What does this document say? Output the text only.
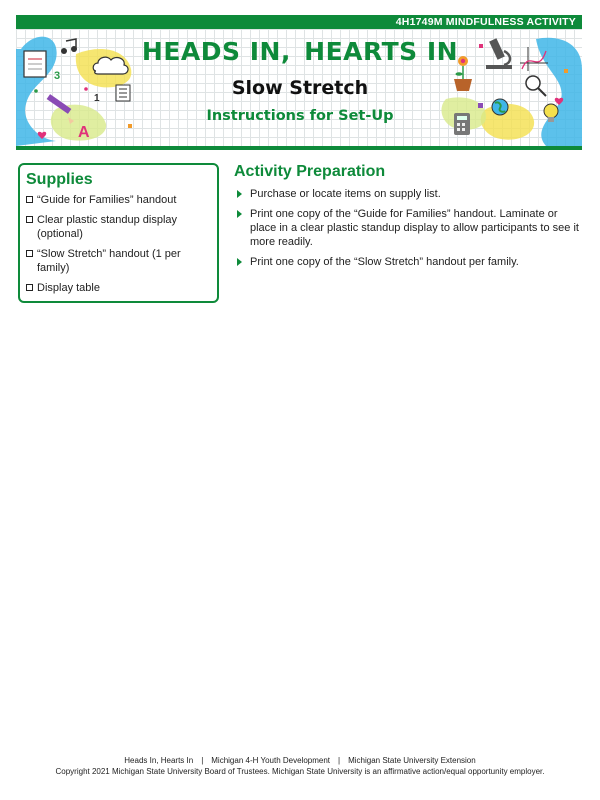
4H1749M MINDFULNESS ACTIVITY
3
1
A
HEADS IN, HEARTS IN
Slow Stretch
Instructions for Set-Up
Supplies
“Guide for Families” handout
Clear plastic standup display (optional)
“Slow Stretch” handout (1 per family)
Display table
Activity Preparation
Purchase or locate items on supply list.
Print one copy of the “Guide for Families” handout. Laminate or place in a clear plastic standup display to allow participants to see it more readily.
Print one copy of the “Slow Stretch” handout per family.
Heads In, Hearts In | Michigan 4-H Youth Development | Michigan State University Extension
Copyright 2021 Michigan State University Board of Trustees. Michigan State University is an affirmative action/equal opportunity employer.
